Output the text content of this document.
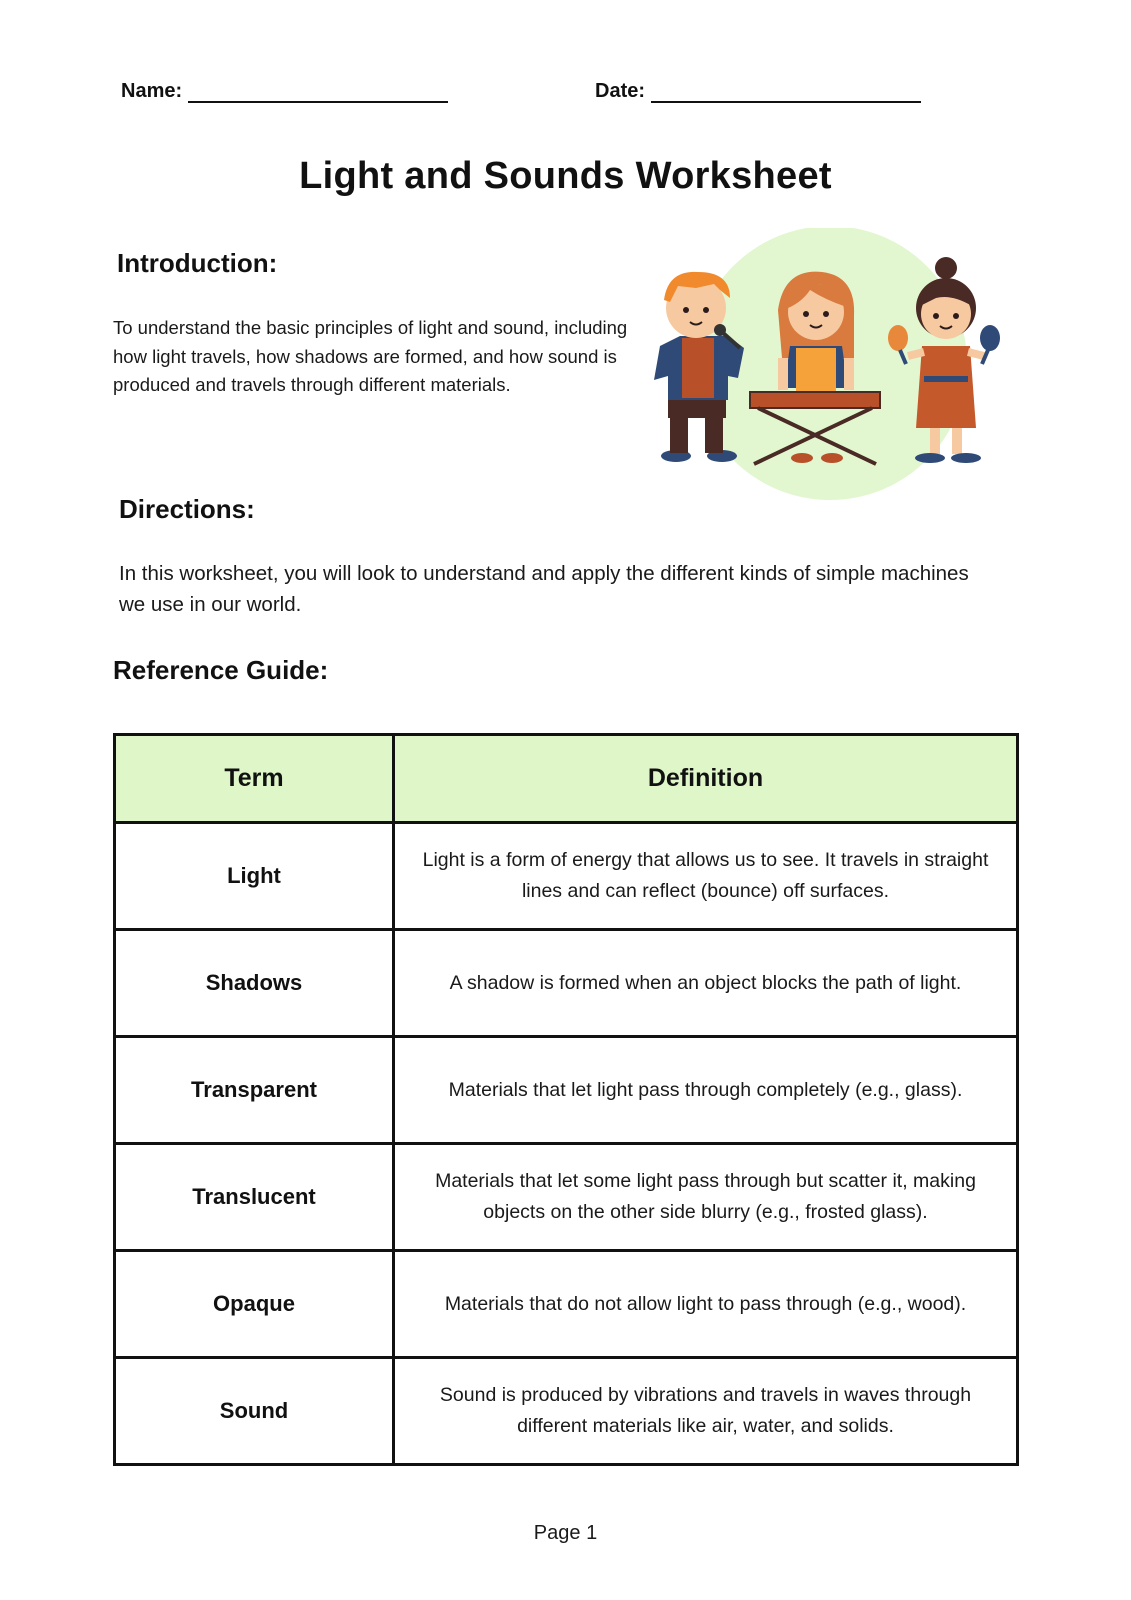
Name:	Date:
Light and Sounds Worksheet
Introduction:

To understand the basic principles of light and sound, including how light travels, how shadows are formed, and how sound is produced and travels through different materials.

Directions:

In this worksheet, you will look to understand and apply the different kinds of simple machines we use in our world.

Reference Guide:
Term	Definition
Light	Light is a form of energy that allows us to see. It travels in straight lines and can reflect (bounce) off surfaces.
Shadows	A shadow is formed when an object blocks the path of light.
Transparent	Materials that let light pass through completely (e.g., glass).
Translucent	Materials that let some light pass through but scatter it, making objects on the other side blurry (e.g., frosted glass).
Opaque	Materials that do not allow light to pass through (e.g., wood).
Sound	Sound is produced by vibrations and travels in waves through different materials like air, water, and solids.
Page 1
